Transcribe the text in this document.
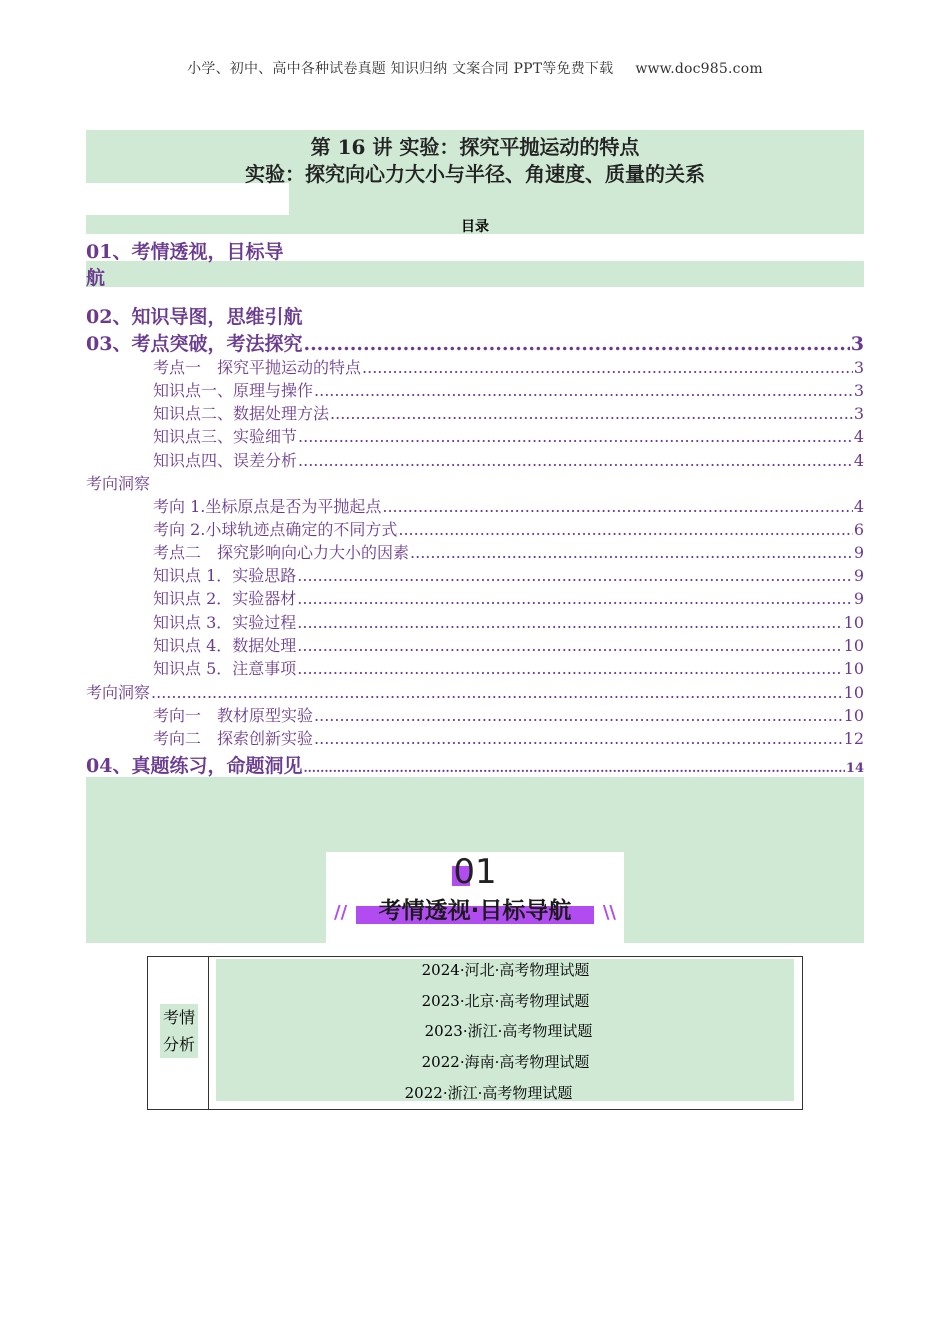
小学、初中、高中各种试卷真题 知识归纳 文案合同 PPT等免费下载 www.doc985.com
第 16 讲 实验：探究平抛运动的特点
实验：探究向心力大小与半径、角速度、质量的关系
目录
01、考情透视，目标导
航
02、知识导图，思维引航
03、考点突破，考法探究 .....	3
考点一　探究平抛运动的特点 .....	3
知识点一、原理与操作 .....	3
知识点二、数据处理方法 .....	3
知识点三、实验细节 .....	4
知识点四、误差分析 .....	4
考向洞察
考向 1.坐标原点是否为平抛起点 .....	4
考向 2.小球轨迹点确定的不同方式 .....	6
考点二　探究影响向心力大小的因素 .....	9
知识点 1．实验思路 .....	9
知识点 2．实验器材 .....	9
知识点 3．实验过程 .....	10
知识点 4．数据处理 .....	10
知识点 5．注意事项 .....	10
考向洞察 .....	10
考向一　教材原型实验 .....	10
考向二　探索创新实验 .....	12
04、真题练习，命题洞见 .....	14
01
//	考情透视·目标导航	\\
考情分析
2024·河北·高考物理试题
2023·北京·高考物理试题
2023·浙江·高考物理试题
2022·海南·高考物理试题
2022·浙江·高考物理试题
